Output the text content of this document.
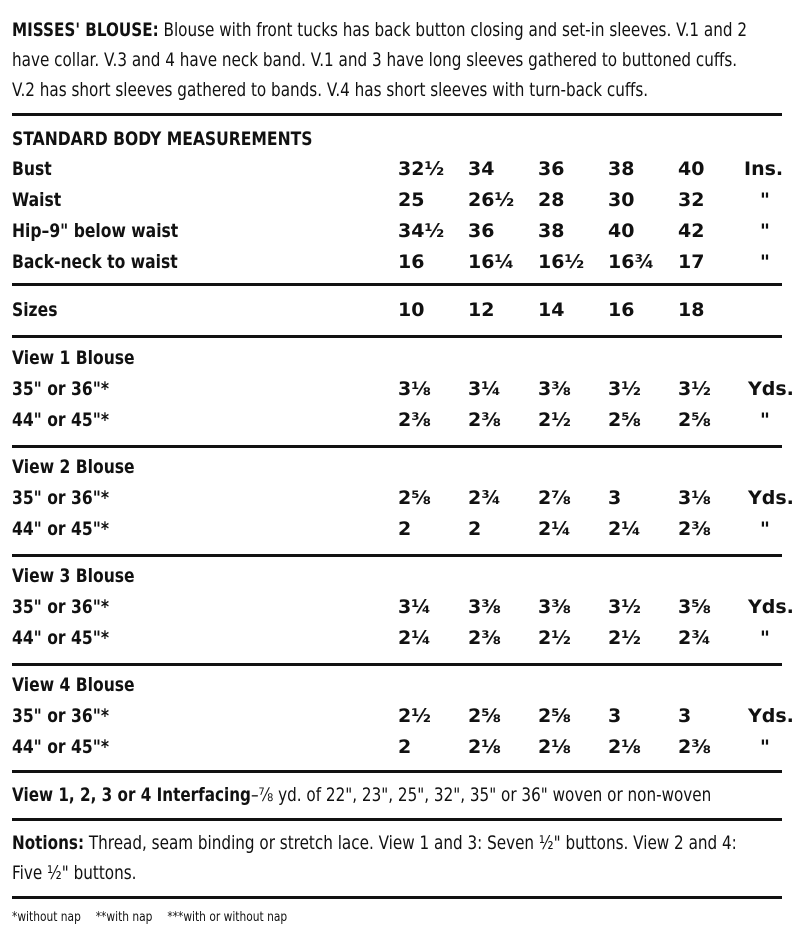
MISSES' BLOUSE: Blouse with front tucks has back button closing and set-in sleeves. V.1 and 2
have collar. V.3 and 4 have neck band. V.1 and 3 have long sleeves gathered to buttoned cuffs.
V.2 has short sleeves gathered to bands. V.4 has short sleeves with turn-back cuffs.
STANDARD BODY MEASUREMENTS
Bust	32½ 34 36 38 40 Ins.
Waist	25 26½ 28 30 32	"
Hip–9" below waist	34½ 36 38 40 42	"
Back-neck to waist	16 16¼ 16½ 16¾ 17	"
Sizes	10 12 14 16 18
View 1 Blouse
35" or 36"*	3⅛ 3¼ 3⅜ 3½ 3½ Yds.
44" or 45"*	2⅜ 2⅜ 2½ 2⅝ 2⅝	"
View 2 Blouse
35" or 36"*	2⅝ 2¾ 2⅞ 3	3⅛ Yds.
44" or 45"*	2	2	2¼ 2¼ 2⅜	"
View 3 Blouse
35" or 36"*	3¼ 3⅜ 3⅜ 3½ 3⅝ Yds.
44" or 45"*	2¼ 2⅜ 2½ 2½ 2¾	"
View 4 Blouse
35" or 36"*	2½ 2⅝ 2⅝ 3	3	Yds.
44" or 45"*	2	2⅛ 2⅛ 2⅛ 2⅜	"
View 1, 2, 3 or 4 Interfacing–⅞ yd. of 22", 23", 25", 32", 35" or 36" woven or non-woven
Notions: Thread, seam binding or stretch lace. View 1 and 3: Seven ½" buttons. View 2 and 4:
Five ½" buttons.
*without nap **with nap ***with or without nap
